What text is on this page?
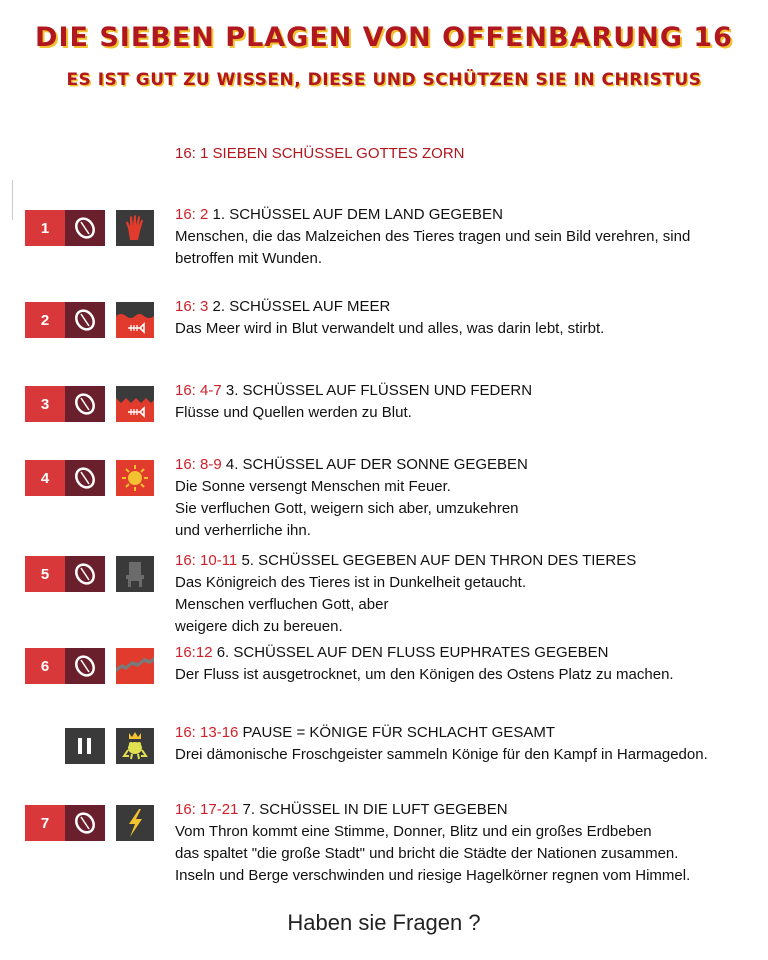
DIE SIEBEN PLAGEN VON OFFENBARUNG 16
ES IST GUT ZU WISSEN, DIESE UND SCHÜTZEN SIE IN CHRISTUS
16: 1 SIEBEN SCHÜSSEL GOTTES ZORN
1
16: 2 1. SCHÜSSEL AUF DEM LAND GEGEBEN
Menschen, die das Malzeichen des Tieres tragen und sein Bild verehren, sind
betroffen mit Wunden.
2
16: 3 2. SCHÜSSEL AUF MEER
Das Meer wird in Blut verwandelt und alles, was darin lebt, stirbt.
3
16: 4-7 3. SCHÜSSEL AUF FLÜSSEN UND FEDERN
Flüsse und Quellen werden zu Blut.
4
16: 8-9 4. SCHÜSSEL AUF DER SONNE GEGEBEN
Die Sonne versengt Menschen mit Feuer.
Sie verfluchen Gott, weigern sich aber, umzukehren
und verherrliche ihn.
5
16: 10-11 5. SCHÜSSEL GEGEBEN AUF DEN THRON DES TIERES
Das Königreich des Tieres ist in Dunkelheit getaucht.
Menschen verfluchen Gott, aber
weigere dich zu bereuen.
6
16:12 6. SCHÜSSEL AUF DEN FLUSS EUPHRATES GEGEBEN
Der Fluss ist ausgetrocknet, um den Königen des Ostens Platz zu machen.
16: 13-16 PAUSE = KÖNIGE FÜR SCHLACHT GESAMT
Drei dämonische Froschgeister sammeln Könige für den Kampf in Harmagedon.
7
16: 17-21 7. SCHÜSSEL IN DIE LUFT GEGEBEN
Vom Thron kommt eine Stimme, Donner, Blitz und ein großes Erdbeben
das spaltet "die große Stadt" und bricht die Städte der Nationen zusammen.
Inseln und Berge verschwinden und riesige Hagelkörner regnen vom Himmel.
Haben sie Fragen ?
